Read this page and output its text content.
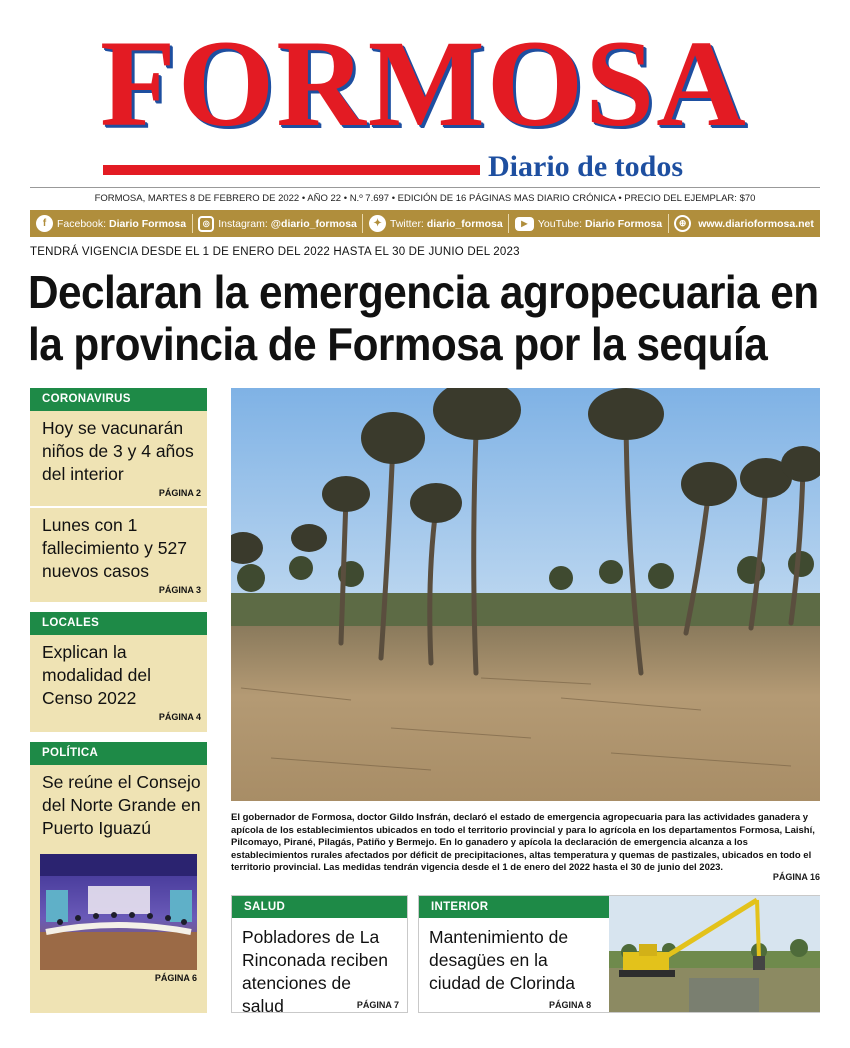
FORMOSA
Diario de todos
FORMOSA, MARTES 8 DE FEBRERO DE 2022 • AÑO 22 • N.º 7.697 • EDICIÓN DE 16 PÁGINAS MAS DIARIO CRÓNICA • PRECIO DEL EJEMPLAR: $70
f	Facebook: Diario Formosa	◎ Instagram: @diario_formosa	✦ Twitter: diario_formosa	▶ YouTube: Diario Formosa	⊕	www.diarioformosa.net
TENDRÁ VIGENCIA DESDE EL 1 DE ENERO DEL 2022 HASTA EL 30 DE JUNIO DEL 2023
Declaran la emergencia agropecuaria en
la provincia de Formosa por la sequía
CORONAVIRUS
Hoy se vacunarán niños de 3 y 4 años del interior
PÁGINA 2
Lunes con 1 fallecimiento y 527 nuevos casos
PÁGINA 3
LOCALES
Explican la modalidad del Censo 2022
PÁGINA 4
POLÍTICA
Se reúne el Consejo del Norte Grande en Puerto Iguazú
PÁGINA 6
El gobernador de Formosa, doctor Gildo Insfrán, declaró el estado de emergencia agropecuaria para las actividades ganadera y apícola de los establecimientos ubicados en todo el territorio provincial y para lo agrícola en los departamentos Formosa, Laishí, Pilcomayo, Pirané, Pilagás, Patiño y Bermejo. En lo ganadero y apícola la declaración de emergencia alcanza a los establecimientos rurales afectados por déficit de precipitaciones, altas temperatura y quemas de pastizales, ubicados en todo el territorio provincial. Las medidas tendrán vigencia desde el 1 de enero del 2022 hasta el 30 de junio del 2023.
PÁGINA 16
SALUD
Pobladores de La Rinconada reciben atenciones de salud	PÁGINA 7
INTERIOR
Mantenimiento de desagües en la ciudad de Clorinda
PÁGINA 8
